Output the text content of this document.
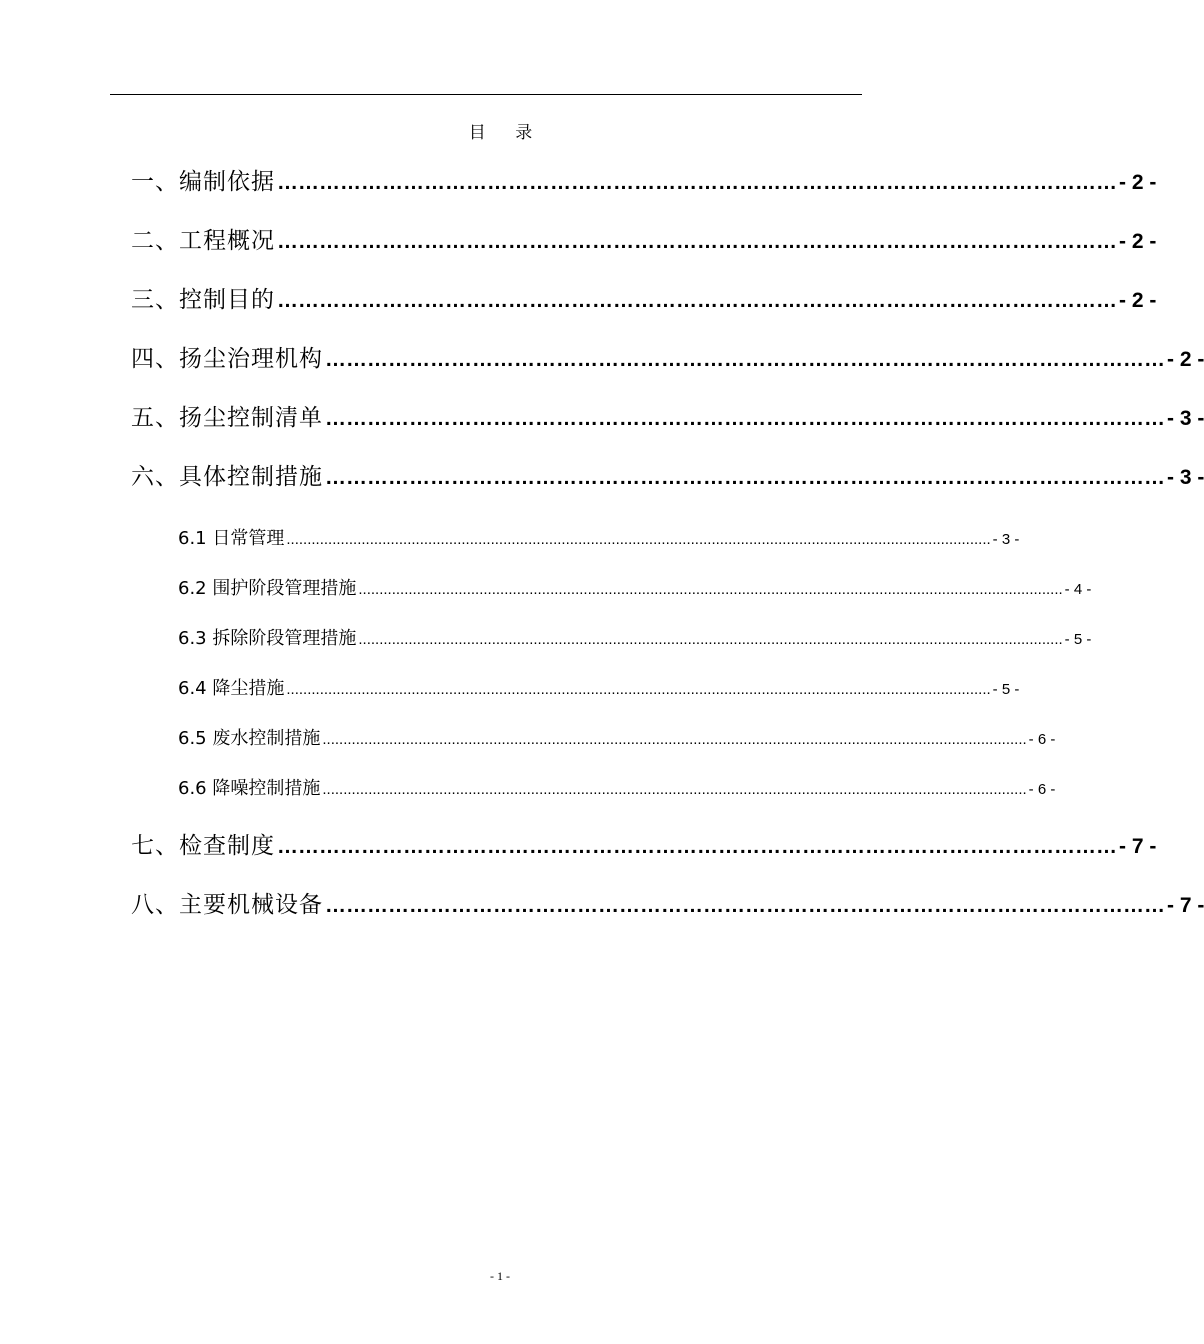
目 录
一、编制依据 ………………………………………………………………………………………………………… - 2 -
二、工程概况 ………………………………………………………………………………………………………… - 2 -
三、控制目的 ………………………………………………………………………………………………………… - 2 -
四、扬尘治理机构 ………………………………………………………………………………………………………… - 2 -
五、扬尘控制清单 ………………………………………………………………………………………………………… - 3 -
六、具体控制措施 ………………………………………………………………………………………………………… - 3 -
6.1 日常管理 ......................................................................................................................................................................... - 3 -
6.2 围护阶段管理措施 ......................................................................................................................................................................... - 4 -
6.3 拆除阶段管理措施 ......................................................................................................................................................................... - 5 -
6.4 降尘措施 ......................................................................................................................................................................... - 5 -
6.5 废水控制措施 ......................................................................................................................................................................... - 6 -
6.6 降噪控制措施 ......................................................................................................................................................................... - 6 -
七、检查制度 ………………………………………………………………………………………………………… - 7 -
八、主要机械设备 ………………………………………………………………………………………………………… - 7 -
- 1 -
